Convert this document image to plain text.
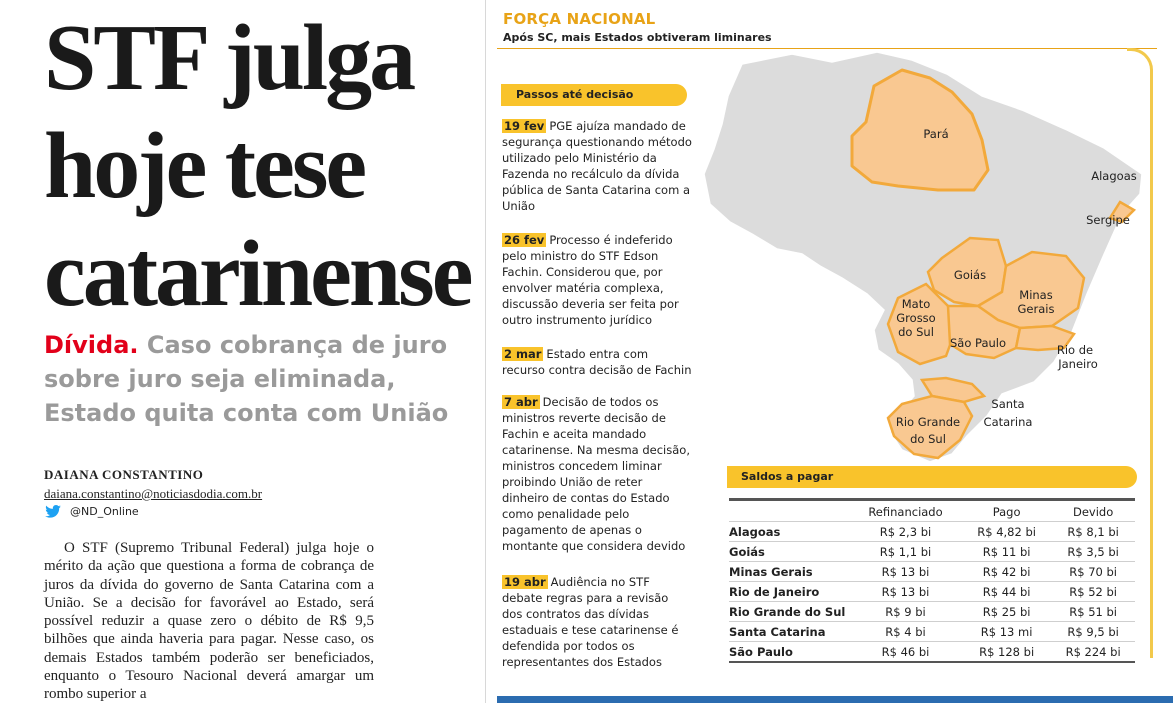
STF julga hoje tese catarinense

Dívida. Caso cobrança de juro sobre juro seja eliminada, Estado quita conta com União

DAIANA CONSTANTINO
daiana.constantino@noticiasdodia.com.br
@ND_Online

O STF (Supremo Tribunal Federal) julga hoje o mérito da ação que questiona a forma de cobrança de juros da dívida do governo de Santa Catarina com a União. Se a decisão for favorável ao Estado, será possível reduzir a quase zero o débito de R$ 9,5 bilhões que ainda haveria para pagar. Nesse caso, os demais Estados também poderão ser beneficiados, enquanto o Tesouro Nacional deverá amargar um rombo superior a

FORÇA NACIONAL
Após SC, mais Estados obtiveram liminares
Passos até decisão

19 fev PGE ajuíza mandado de segurança questionando método utilizado pelo Ministério da Fazenda no recálculo da dívida pública de Santa Catarina com a União

26 fev Processo é indeferido pelo ministro do STF Edson Fachin. Considerou que, por envolver matéria complexa, discussão deveria ser feita por outro instrumento jurídico

2 mar Estado entra com recurso contra decisão de Fachin

7 abr Decisão de todos os ministros reverte decisão de Fachin e aceita mandado catarinense. Na mesma decisão, ministros concedem liminar proibindo União de reter dinheiro de contas do Estado como penalidade pelo pagamento de apenas o montante que considera devido

19 abr Audiência no STF debate regras para a revisão dos contratos das dívidas estaduais e tese catarinense é defendida por todos os representantes dos Estados

Pará
Alagoas
Sergipe
Goiás
Minas
Gerais
Mato
Grosso
do Sul
São Paulo	Rio de
Janeiro
Santa
Catarina
Rio Grande
do Sul
Saldos a pagar
	Refinanciado	Pago	Devido
Alagoas	R$ 2,3 bi	R$ 4,82 bi	R$ 8,1 bi
Goiás	R$ 1,1 bi	R$ 11 bi	R$ 3,5 bi
Minas Gerais	R$ 13 bi	R$ 42 bi	R$ 70 bi
Rio de Janeiro	R$ 13 bi	R$ 44 bi	R$ 52 bi
Rio Grande do Sul	R$ 9 bi	R$ 25 bi	R$ 51 bi
Santa Catarina	R$ 4 bi	R$ 13 mi	R$ 9,5 bi
São Paulo	R$ 46 bi	R$ 128 bi	R$ 224 bi
